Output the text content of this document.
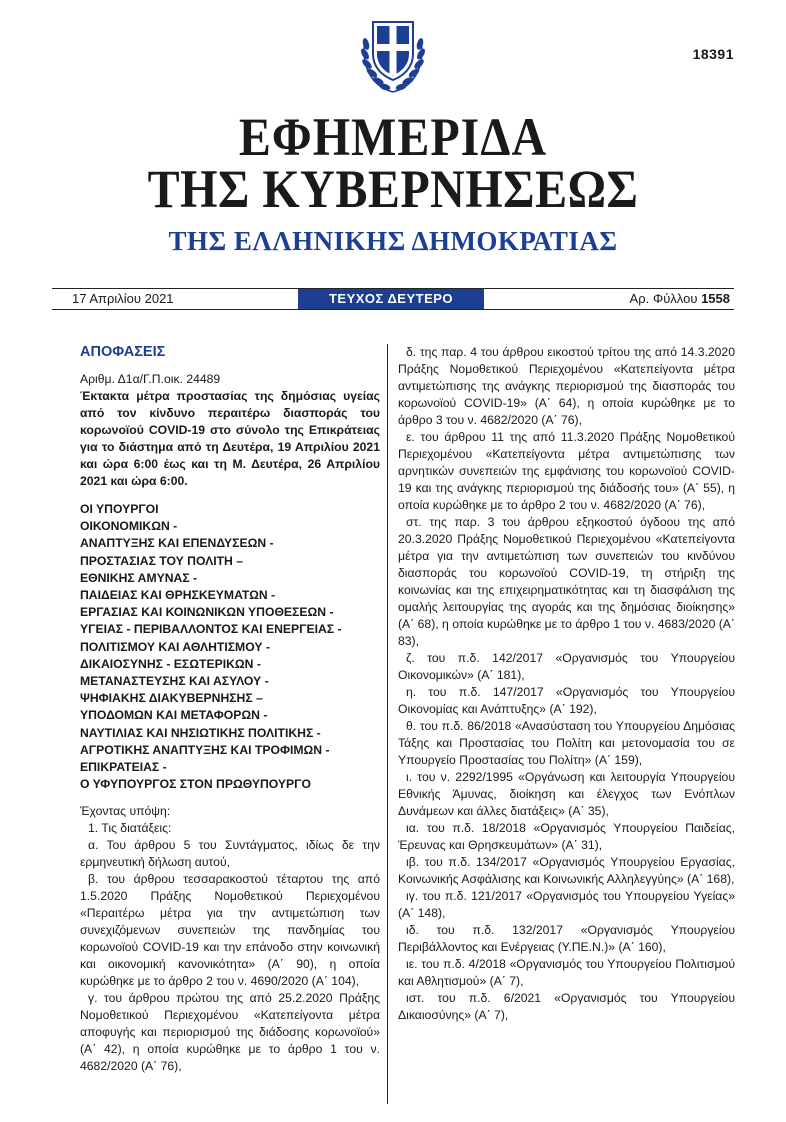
18391
ΕΦΗΜΕΡΙΔΑ
ΤΗΣ ΚΥΒΕΡΝΗΣΕΩΣ
ΤΗΣ ΕΛΛΗΝΙΚΗΣ ΔΗΜΟΚΡΑΤΙΑΣ
17 Απριλίου 2021	ΤΕΥΧΟΣ ΔΕΥΤΕΡΟ	Αρ. Φύλλου 1558
ΑΠΟΦΑΣΕΙΣ

Αριθμ. Δ1α/Γ.Π.οικ. 24489

Έκτακτα μέτρα προστασίας της δημόσιας υγείας από τον κίνδυνο περαιτέρω διασποράς του κορωνοϊού COVID-19 στο σύνολο της Επικράτειας για το διάστημα από τη Δευτέρα, 19 Απριλίου 2021 και ώρα 6:00 έως και τη Μ. Δευτέρα, 26 Απριλίου 2021 και ώρα 6:00.

ΟΙ ΥΠΟΥΡΓΟΙ
ΟΙΚΟΝΟΜΙΚΩΝ -
ΑΝΑΠΤΥΞΗΣ ΚΑΙ ΕΠΕΝΔΥΣΕΩΝ -
ΠΡΟΣΤΑΣΙΑΣ ΤΟΥ ΠΟΛΙΤΗ –
ΕΘΝΙΚΗΣ ΑΜΥΝΑΣ -
ΠΑΙΔΕΙΑΣ ΚΑΙ ΘΡΗΣΚΕΥΜΑΤΩΝ -
ΕΡΓΑΣΙΑΣ ΚΑΙ ΚΟΙΝΩΝΙΚΩΝ ΥΠΟΘΕΣΕΩΝ -
ΥΓΕΙΑΣ - ΠΕΡΙΒΑΛΛΟΝΤΟΣ ΚΑΙ ΕΝΕΡΓΕΙΑΣ -
ΠΟΛΙΤΙΣΜΟΥ ΚΑΙ ΑΘΛΗΤΙΣΜΟΥ -
ΔΙΚΑΙΟΣΥΝΗΣ - ΕΣΩΤΕΡΙΚΩΝ -
ΜΕΤΑΝΑΣΤΕΥΣΗΣ ΚΑΙ ΑΣΥΛΟΥ -
ΨΗΦΙΑΚΗΣ ΔΙΑΚΥΒΕΡΝΗΣΗΣ –
ΥΠΟΔΟΜΩΝ ΚΑΙ ΜΕΤΑΦΟΡΩΝ -
ΝΑΥΤΙΛΙΑΣ ΚΑΙ ΝΗΣΙΩΤΙΚΗΣ ΠΟΛΙΤΙΚΗΣ -
ΑΓΡΟΤΙΚΗΣ ΑΝΑΠΤΥΞΗΣ ΚΑΙ ΤΡΟΦΙΜΩΝ -
ΕΠΙΚΡΑΤΕΙΑΣ -
Ο ΥΦΥΠΟΥΡΓΟΣ ΣΤΟΝ ΠΡΩΘΥΠΟΥΡΓΟ

Έχοντας υπόψη:

1. Τις διατάξεις:

α. Του άρθρου 5 του Συντάγματος, ιδίως δε την ερμηνευτική δήλωση αυτού,

β. του άρθρου τεσσαρακοστού τέταρτου της από 1.5.2020 Πράξης Νομοθετικού Περιεχομένου «Περαιτέρω μέτρα για την αντιμετώπιση των συνεχιζόμενων συνεπειών της πανδημίας του κορωνοϊού COVID-19 και την επάνοδο στην κοινωνική και οικονομική κανονικότητα» (Α΄ 90), η οποία κυρώθηκε με το άρθρο 2 του ν. 4690/2020 (Α΄ 104),

γ. του άρθρου πρώτου της από 25.2.2020 Πράξης Νομοθετικού Περιεχομένου «Κατεπείγοντα μέτρα αποφυγής και περιορισμού της διάδοσης κορωνοϊού» (Α΄ 42), η οποία κυρώθηκε με το άρθρο 1 του ν. 4682/2020 (Α΄ 76),

δ. της παρ. 4 του άρθρου εικοστού τρίτου της από 14.3.2020 Πράξης Νομοθετικού Περιεχομένου «Κατεπείγοντα μέτρα αντιμετώπισης της ανάγκης περιορισμού της διασποράς του κορωνοϊού COVID-19» (Α΄ 64), η οποία κυρώθηκε με το άρθρο 3 του ν. 4682/2020 (Α΄ 76),

ε. του άρθρου 11 της από 11.3.2020 Πράξης Νομοθετικού Περιεχομένου «Κατεπείγοντα μέτρα αντιμετώπισης των αρνητικών συνεπειών της εμφάνισης του κορωνοϊού COVID-19 και της ανάγκης περιορισμού της διάδοσής του» (Α΄ 55), η οποία κυρώθηκε με το άρθρο 2 του ν. 4682/2020 (Α΄ 76),

στ. της παρ. 3 του άρθρου εξηκοστού όγδοου της από 20.3.2020 Πράξης Νομοθετικού Περιεχομένου «Κατεπείγοντα μέτρα για την αντιμετώπιση των συνεπειών του κινδύνου διασποράς του κορωνοϊού COVID-19, τη στήριξη της κοινωνίας και της επιχειρηματικότητας και τη διασφάλιση της ομαλής λειτουργίας της αγοράς και της δημόσιας διοίκησης» (Α΄ 68), η οποία κυρώθηκε με το άρθρο 1 του ν. 4683/2020 (Α΄ 83),

ζ. του π.δ. 142/2017 «Οργανισμός του Υπουργείου Οικονομικών» (Α΄ 181),

η. του π.δ. 147/2017 «Οργανισμός του Υπουργείου Οικονομίας και Ανάπτυξης» (Α΄ 192),

θ. του π.δ. 86/2018 «Ανασύσταση του Υπουργείου Δημόσιας Τάξης και Προστασίας του Πολίτη και μετονομασία του σε Υπουργείο Προστασίας του Πολίτη» (Α΄ 159),

ι. του ν. 2292/1995 «Οργάνωση και λειτουργία Υπουργείου Εθνικής Άμυνας, διοίκηση και έλεγχος των Ενόπλων Δυνάμεων και άλλες διατάξεις» (Α΄ 35),

ια. του π.δ. 18/2018 «Οργανισμός Υπουργείου Παιδείας, Έρευνας και Θρησκευμάτων» (Α΄ 31),

ιβ. του π.δ. 134/2017 «Οργανισμός Υπουργείου Εργασίας, Κοινωνικής Ασφάλισης και Κοινωνικής Αλληλεγγύης» (Α΄ 168),

ιγ. του π.δ. 121/2017 «Οργανισμός του Υπουργείου Υγείας» (Α΄ 148),

ιδ. του π.δ. 132/2017 «Οργανισμός Υπουργείου Περιβάλλοντος και Ενέργειας (Υ.ΠΕ.Ν.)» (Α΄ 160),

ιε. του π.δ. 4/2018 «Οργανισμός του Υπουργείου Πολιτισμού και Αθλητισμού» (Α΄ 7),

ιστ. του π.δ. 6/2021 «Οργανισμός του Υπουργείου Δικαιοσύνης» (Α΄ 7),
